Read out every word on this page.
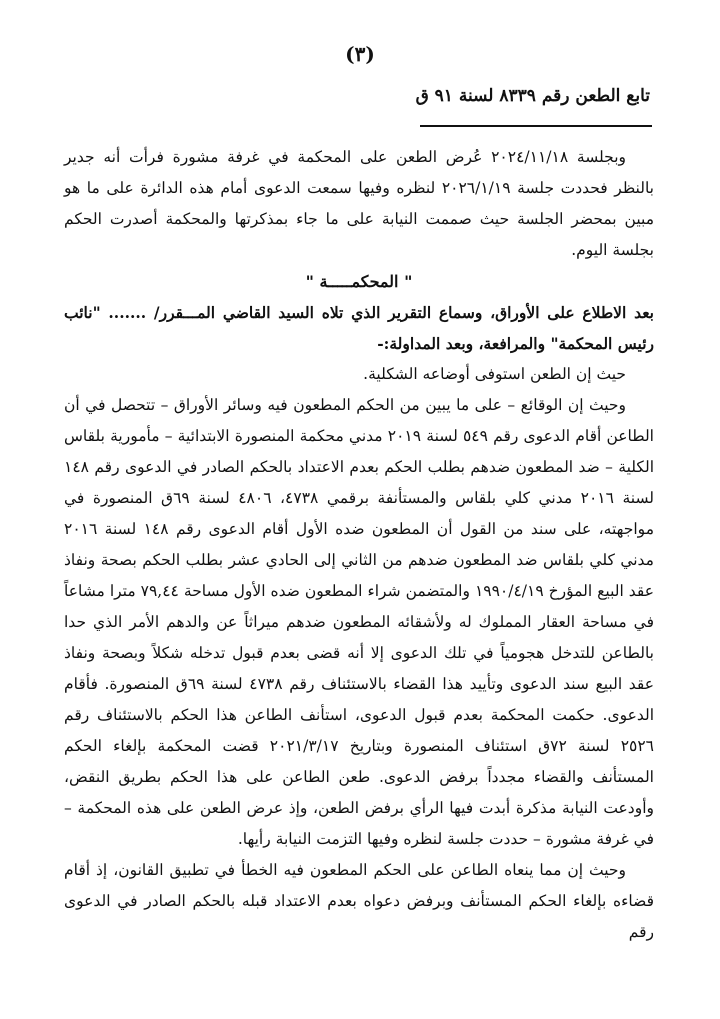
(٣)
تابع الطعن رقم ٨٣٣٩ لسنة ٩١ ق

وبجلسة ٢٠٢٤/١١/١٨ عُرض الطعن على المحكمة في غرفة مشورة فرأت أنه جدير بالنظر فحددت جلسة ٢٠٢٦/١/١٩ لنظره وفيها سمعت الدعوى أمام هذه الدائرة على ما هو مبين بمحضر الجلسة حيث صممت النيابة على ما جاء بمذكرتها والمحكمة أصدرت الحكم بجلسة اليوم.

" المحكمـــــة "

بعد الاطلاع على الأوراق، وسماع التقرير الذي تلاه السيد القاضي المـــقرر/ ....... "نائب رئيس المحكمة" والمرافعة، وبعد المداولة:-

حيث إن الطعن استوفى أوضاعه الشكلية.

وحيث إن الوقائع – على ما يبين من الحكم المطعون فيه وسائر الأوراق – تتحصل في أن الطاعن أقام الدعوى رقم ٥٤٩ لسنة ٢٠١٩ مدني محكمة المنصورة الابتدائية – مأمورية بلقاس الكلية – ضد المطعون ضدهم بطلب الحكم بعدم الاعتداد بالحكم الصادر في الدعوى رقم ١٤٨ لسنة ٢٠١٦ مدني كلي بلقاس والمستأنفة برقمي ٤٧٣٨، ٤٨٠٦ لسنة ٦٩ق المنصورة في مواجهته، على سند من القول أن المطعون ضده الأول أقام الدعوى رقم ١٤٨ لسنة ٢٠١٦ مدني كلي بلقاس ضد المطعون ضدهم من الثاني إلى الحادي عشر بطلب الحكم بصحة ونفاذ عقد البيع المؤرخ ١٩٩٠/٤/١٩ والمتضمن شراء المطعون ضده الأول مساحة ٧٩,٤٤ مترا مشاعاً في مساحة العقار المملوك له ولأشقائه المطعون ضدهم ميراثاً عن والدهم الأمر الذي حدا بالطاعن للتدخل هجومياً في تلك الدعوى إلا أنه قضى بعدم قبول تدخله شكلاً وبصحة ونفاذ عقد البيع سند الدعوى وتأييد هذا القضاء بالاستئناف رقم ٤٧٣٨ لسنة ٦٩ق المنصورة. فأقام الدعوى. حكمت المحكمة بعدم قبول الدعوى، استأنف الطاعن هذا الحكم بالاستئناف رقم ٢٥٢٦ لسنة ٧٢ق استئناف المنصورة وبتاريخ ٢٠٢١/٣/١٧ قضت المحكمة بإلغاء الحكم المستأنف والقضاء مجدداً برفض الدعوى. طعن الطاعن على هذا الحكم بطريق النقض، وأودعت النيابة مذكرة أبدت فيها الرأي برفض الطعن، وإذ عرض الطعن على هذه المحكمة – في غرفة مشورة – حددت جلسة لنظره وفيها التزمت النيابة رأيها.

وحيث إن مما ينعاه الطاعن على الحكم المطعون فيه الخطأ في تطبيق القانون، إذ أقام قضاءه بإلغاء الحكم المستأنف وبرفض دعواه بعدم الاعتداد قبله بالحكم الصادر في الدعوى رقم
